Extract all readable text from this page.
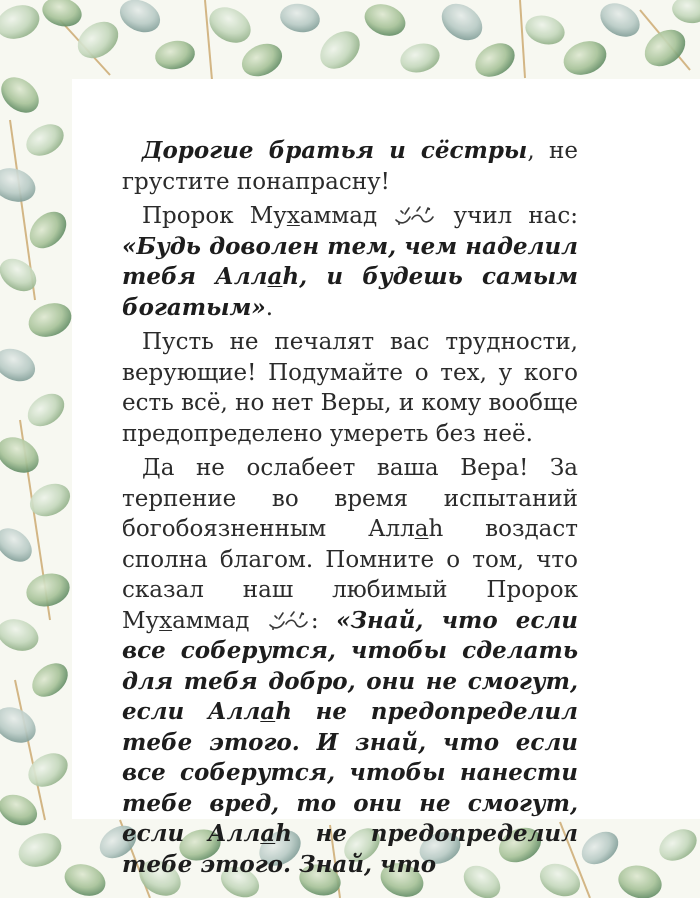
Дорогие братья и сёстры, не грустите понапрасну!

Пророк Мухаммад	учил нас: «Будь доволен тем, чем наделил тебя Аллаh, и будешь самым богатым».

Пусть не печалят вас трудности, верующие! Подумайте о тех, у кого есть всё, но нет Веры, и кому вообще предопределено умереть без неё.

Да не ослабеет ваша Вера! За терпение во время испытаний богобоязненным Аллаh воздаст сполна благом. Помните о том, что сказал наш любимый Пророк Мухаммад	: «Знай, что если все соберутся, чтобы сделать для тебя добро, они не смогут, если Аллаh не предопределил тебе этого. И знай, что если все соберутся, чтобы нанести тебе вред, то они не смогут, если Аллаh не предопределил тебе этого. Знай, что
